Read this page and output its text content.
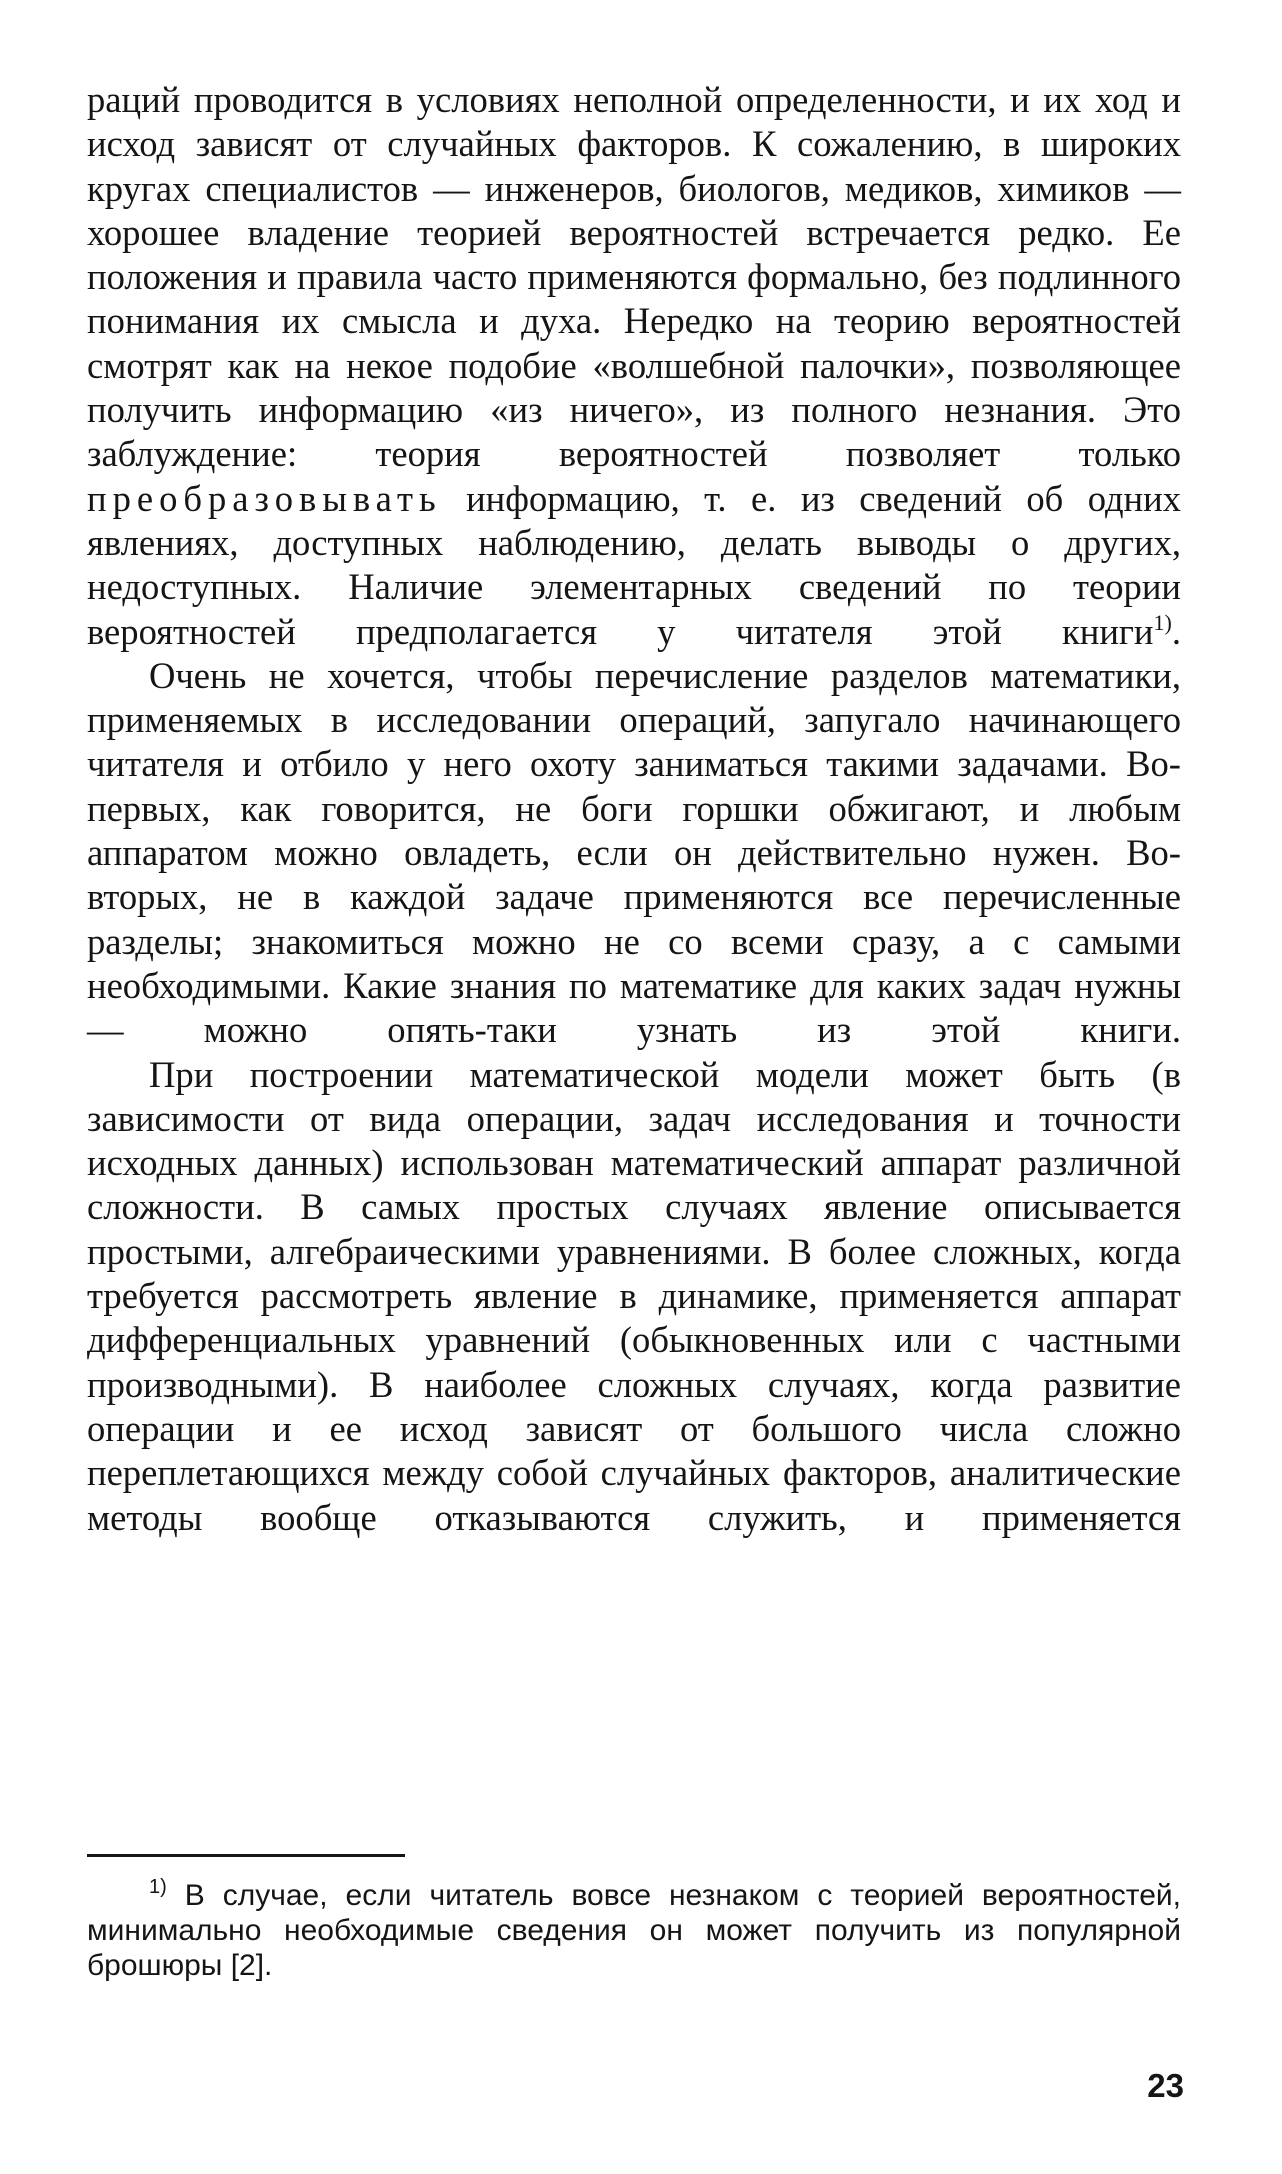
раций проводится в условиях неполной определенности, и их ход и исход зависят от случайных факторов. К сожалению, в широких кругах специалистов — инженеров, биологов, медиков, химиков — хорошее владение теорией вероятностей встречается редко. Ее положения и правила часто применяются формально, без подлинного понимания их смысла и духа. Нередко на теорию вероятностей смотрят как на некое подобие «волшебной палочки», позволяющее получить информацию «из ничего», из полного незнания. Это заблуждение: теория вероятностей позволяет только преобразовывать информацию, т. е. из сведений об одних явлениях, доступных наблюдению, делать выводы о других, недоступных. Наличие элементарных сведений по теории вероятностей предполагается у читателя этой книги$^{1)}$.

Очень не хочется, чтобы перечисление разделов математики, применяемых в исследовании операций, запугало начинающего читателя и отбило у него охоту заниматься такими задачами. Во-первых, как говорится, не боги горшки обжигают, и любым аппаратом можно овладеть, если он действительно нужен. Во-вторых, не в каждой задаче применяются все перечисленные разделы; знакомиться можно не со всеми сразу, а с самыми необходимыми. Какие знания по математике для каких задач нужны — можно опять-таки узнать из этой книги.

При построении математической модели может быть (в зависимости от вида операции, задач исследования и точности исходных данных) использован математический аппарат различной сложности. В самых простых случаях явление описывается простыми, алгебраическими уравнениями. В более сложных, когда требуется рассмотреть явление в динамике, применяется аппарат дифференциальных уравнений (обыкновенных или с частными производными). В наиболее сложных случаях, когда развитие операции и ее исход зависят от большого числа сложно переплетающихся между собой случайных факторов, аналитические методы вообще отказываются служить, и применяется

$^{1)}$ В случае, если читатель вовсе незнаком с теорией вероятностей, минимально необходимые сведения он может получить из популярной брошюры [2].

23
